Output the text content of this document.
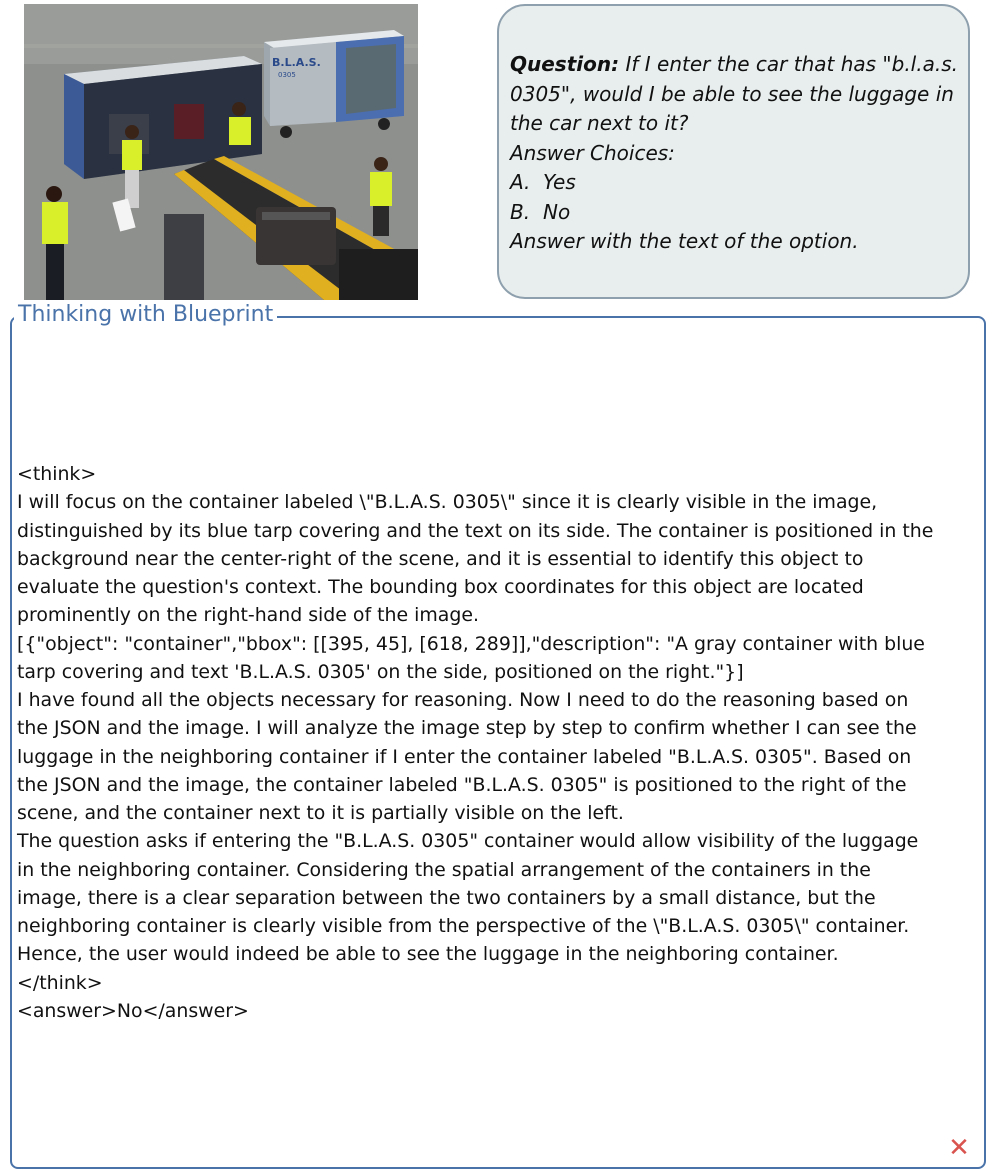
B.L.A.S.
0305	Question: If I enter the car that has "b.l.a.s.
0305", would I be able to see the luggage in
the car next to it?
Answer Choices:
A. Yes
B. No
Answer with the text of the option.
Thinking with Blueprint
<think>
I will focus on the container labeled \"B.L.A.S. 0305\" since it is clearly visible in the image,
distinguished by its blue tarp covering and the text on its side. The container is positioned in the
background near the center-right of the scene, and it is essential to identify this object to
evaluate the question's context. The bounding box coordinates for this object are located
prominently on the right-hand side of the image.
[{"object": "container","bbox": [[395, 45], [618, 289]],"description": "A gray container with blue
tarp covering and text 'B.L.A.S. 0305' on the side, positioned on the right."}]
I have found all the objects necessary for reasoning. Now I need to do the reasoning based on
the JSON and the image. I will analyze the image step by step to confirm whether I can see the
luggage in the neighboring container if I enter the container labeled "B.L.A.S. 0305". Based on
the JSON and the image, the container labeled "B.L.A.S. 0305" is positioned to the right of the
scene, and the container next to it is partially visible on the left.
The question asks if entering the "B.L.A.S. 0305" container would allow visibility of the luggage
in the neighboring container. Considering the spatial arrangement of the containers in the
image, there is a clear separation between the two containers by a small distance, but the
neighboring container is clearly visible from the perspective of the \"B.L.A.S. 0305\" container.
Hence, the user would indeed be able to see the luggage in the neighboring container.
</think>
<answer>No</answer>
✕
